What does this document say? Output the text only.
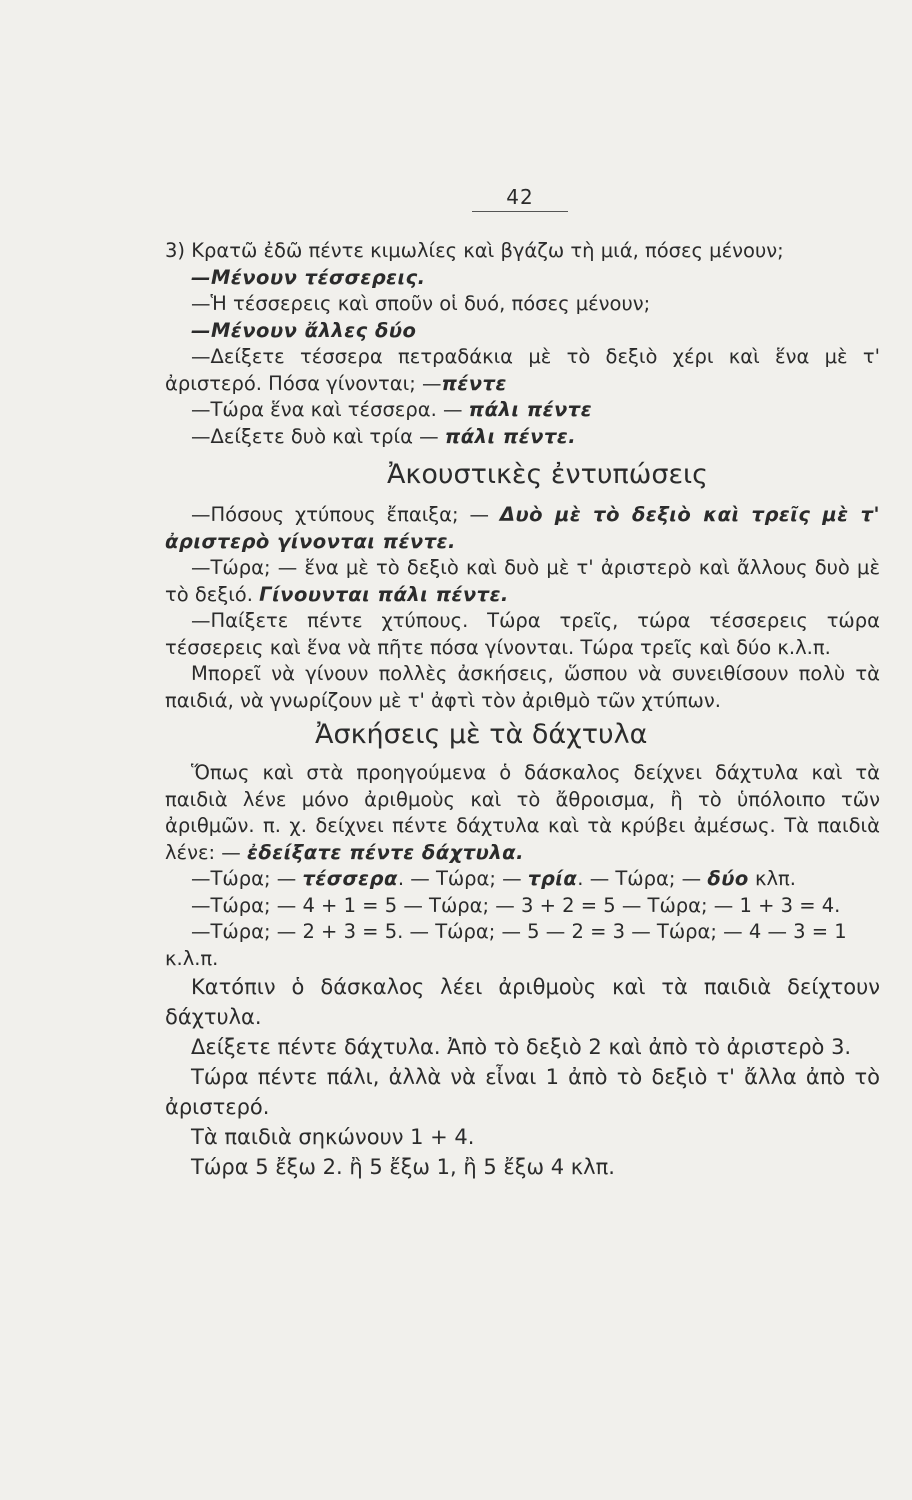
42

3) Κρατῶ ἐδῶ πέντε κιμωλίες καὶ βγάζω τὴ μιά, πόσες μένουν;

—Μένουν τέσσερεις.

—Ἡ τέσσερεις καὶ σποῦν οἱ δυό, πόσες μένουν;

—Μένουν ἄλλες δύο

—Δείξετε τέσσερα πετραδάκια μὲ τὸ δεξιὸ χέρι καὶ ἕνα μὲ τ' ἀριστερό. Πόσα γίνονται; —πέντε

—Τώρα ἕνα καὶ τέσσερα. — πάλι πέντε

—Δείξετε δυὸ καὶ τρία — πάλι πέντε.

Ἀκουστικὲς ἐντυπώσεις

—Πόσους χτύπους ἔπαιξα; — Δυὸ μὲ τὸ δεξιὸ καὶ τρεῖς μὲ τ' ἀριστερὸ γίνονται πέντε.

—Τώρα; — ἕνα μὲ τὸ δεξιὸ καὶ δυὸ μὲ τ' ἀριστερὸ καὶ ἄλλους δυὸ μὲ τὸ δεξιό. Γίνουνται πάλι πέντε.

—Παίξετε πέντε χτύπους. Τώρα τρεῖς, τώρα τέσσερεις τώρα τέσσερεις καὶ ἕνα νὰ πῆτε πόσα γίνονται. Τώρα τρεῖς καὶ δύο κ.λ.π.

Μπορεῖ νὰ γίνουν πολλὲς ἀσκήσεις, ὥσπου νὰ συνειθίσουν πολὺ τὰ παιδιά, νὰ γνωρίζουν μὲ τ' ἀφτὶ τὸν ἀριθμὸ τῶν χτύπων.

Ἀσκήσεις μὲ τὰ δάχτυλα

Ὅπως καὶ στὰ προηγούμενα ὁ δάσκαλος δείχνει δάχτυλα καὶ τὰ παιδιὰ λένε μόνο ἀριθμοὺς καὶ τὸ ἄθροισμα, ἢ τὸ ὑπόλοιπο τῶν ἀριθμῶν. π. χ. δείχνει πέντε δάχτυλα καὶ τὰ κρύβει ἀμέσως. Τὰ παιδιὰ λένε: — ἐδείξατε πέντε δάχτυλα.

—Τώρα; — τέσσερα. — Τώρα; — τρία. — Τώρα; — δύο κλπ.

—Τώρα; — 4 + 1 = 5 — Τώρα; — 3 + 2 = 5 — Τώρα; — 1 + 3 = 4.

—Τώρα; — 2 + 3 = 5. — Τώρα; — 5 — 2 = 3 — Τώρα; — 4 — 3 = 1

κ.λ.π.

Κατόπιν ὁ δάσκαλος λέει ἀριθμοὺς καὶ τὰ παιδιὰ δείχτουν δάχτυλα.

Δείξετε πέντε δάχτυλα. Ἀπὸ τὸ δεξιὸ 2 καὶ ἀπὸ τὸ ἀριστερὸ 3.

Τώρα πέντε πάλι, ἀλλὰ νὰ εἶναι 1 ἀπὸ τὸ δεξιὸ τ' ἄλλα ἀπὸ τὸ ἀριστερό.

Τὰ παιδιὰ σηκώνουν 1 + 4.

Τώρα 5 ἔξω 2. ἢ 5 ἔξω 1, ἢ 5 ἔξω 4 κλπ.
